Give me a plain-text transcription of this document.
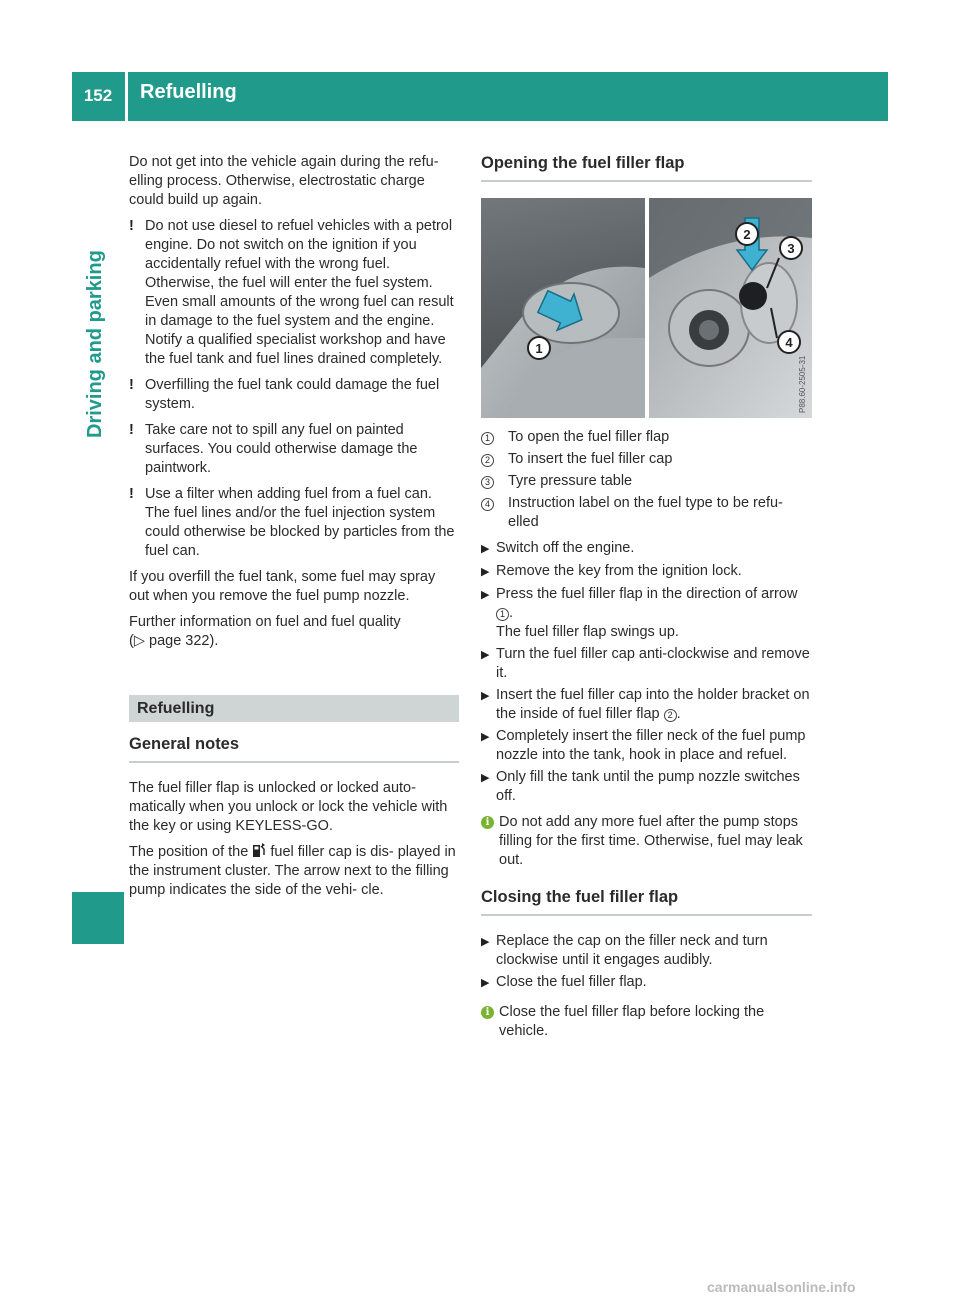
152	Refuelling
Driving and parking

Do not get into the vehicle again during the refu- elling process. Otherwise, electrostatic charge could build up again.

! Do not use diesel to refuel vehicles with a petrol engine. Do not switch on the ignition if you accidentally refuel with the wrong fuel. Otherwise, the fuel will enter the fuel system. Even small amounts of the wrong fuel can result in damage to the fuel system and the engine. Notify a qualified specialist workshop and have the fuel tank and fuel lines drained completely.
! Overfilling the fuel tank could damage the fuel system.
! Take care not to spill any fuel on painted surfaces. You could otherwise damage the paintwork.
! Use a filter when adding fuel from a fuel can. The fuel lines and/or the fuel injection system could otherwise be blocked by particles from the fuel can.

If you overfill the fuel tank, some fuel may spray out when you remove the fuel pump nozzle.

Further information on fuel and fuel quality
(▷ page 322).

Refuelling
General notes

The fuel filler flap is unlocked or locked auto- matically when you unlock or lock the vehicle with the key or using KEYLESS-GO.

The position of the fuel filler cap is dis- played in the instrument cluster. The arrow next to the filling pump indicates the side of the vehi- cle.

Opening the fuel filler flap
1
2
3
4
P88.60-2505-31
1 To open the fuel filler flap
2 To insert the fuel filler cap
3 Tyre pressure table
4 Instruction label on the fuel type to be refu- elled
▶ Switch off the engine.
▶ Remove the key from the ignition lock.
▶ Press the fuel filler flap in the direction of arrow 1 .
The fuel filler flap swings up.
▶ Turn the fuel filler cap anti-clockwise and remove it.
▶ Insert the fuel filler cap into the holder bracket on the inside of fuel filler flap 2 .
▶ Completely insert the filler neck of the fuel pump nozzle into the tank, hook in place and refuel.
▶ Only fill the tank until the pump nozzle switches off.
i Do not add any more fuel after the pump stops filling for the first time. Otherwise, fuel may leak out.
Closing the fuel filler flap
▶ Replace the cap on the filler neck and turn clockwise until it engages audibly.
▶ Close the fuel filler flap.
i Close the fuel filler flap before locking the vehicle.
carmanualsonline.info
